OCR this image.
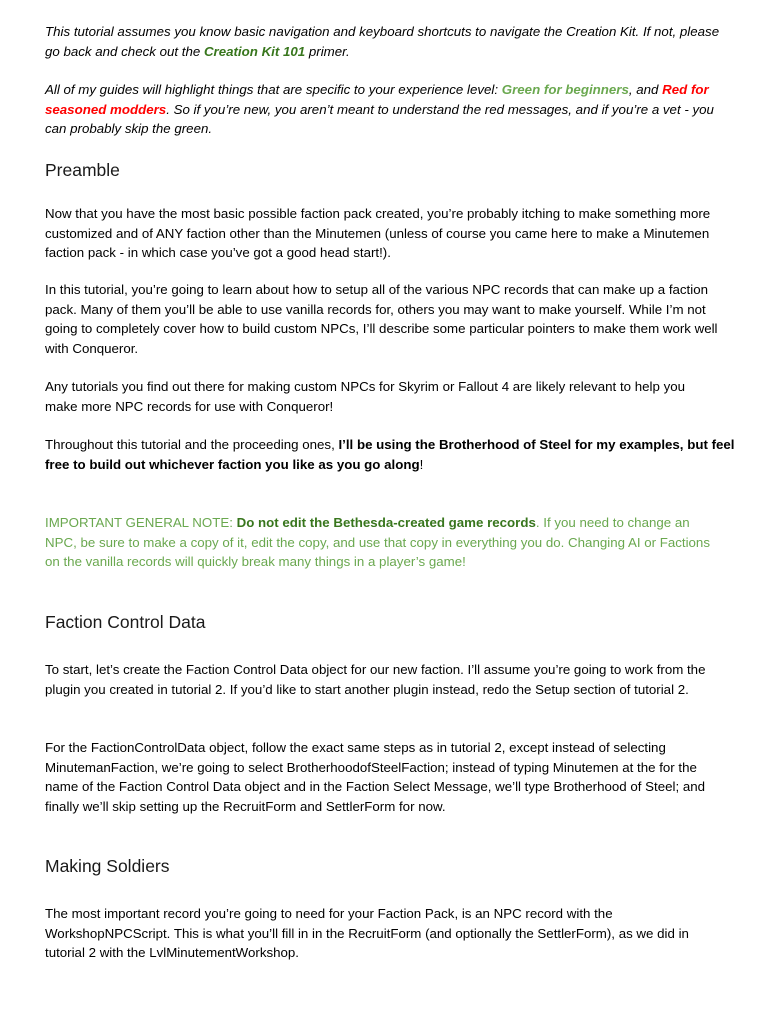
This tutorial assumes you know basic navigation and keyboard shortcuts to navigate the Creation Kit. If not, please go back and check out the Creation Kit 101 primer.

All of my guides will highlight things that are specific to your experience level: Green for beginners, and Red for seasoned modders. So if you’re new, you aren’t meant to understand the red messages, and if you’re a vet - you can probably skip the green.

Preamble

Now that you have the most basic possible faction pack created, you’re probably itching to make something more customized and of ANY faction other than the Minutemen (unless of course you came here to make a Minutemen faction pack - in which case you’ve got a good head start!).

In this tutorial, you’re going to learn about how to setup all of the various NPC records that can make up a faction pack. Many of them you’ll be able to use vanilla records for, others you may want to make yourself. While I’m not going to completely cover how to build custom NPCs, I’ll describe some particular pointers to make them work well with Conqueror.

Any tutorials you find out there for making custom NPCs for Skyrim or Fallout 4 are likely relevant to help you make more NPC records for use with Conqueror!

Throughout this tutorial and the proceeding ones, I’ll be using the Brotherhood of Steel for my examples, but feel free to build out whichever faction you like as you go along!

IMPORTANT GENERAL NOTE: Do not edit the Bethesda-created game records. If you need to change an NPC, be sure to make a copy of it, edit the copy, and use that copy in everything you do. Changing AI or Factions on the vanilla records will quickly break many things in a player’s game!

Faction Control Data

To start, let’s create the Faction Control Data object for our new faction. I’ll assume you’re going to work from the plugin you created in tutorial 2. If you’d like to start another plugin instead, redo the Setup section of tutorial 2.

For the FactionControlData object, follow the exact same steps as in tutorial 2, except instead of selecting MinutemanFaction, we’re going to select BrotherhoodofSteelFaction; instead of typing Minutemen at the for the name of the Faction Control Data object and in the Faction Select Message, we’ll type Brotherhood of Steel; and finally we’ll skip setting up the RecruitForm and SettlerForm for now.

Making Soldiers

The most important record you’re going to need for your Faction Pack, is an NPC record with the WorkshopNPCScript. This is what you’ll fill in in the RecruitForm (and optionally the SettlerForm), as we did in tutorial 2 with the LvlMinutementWorkshop.
